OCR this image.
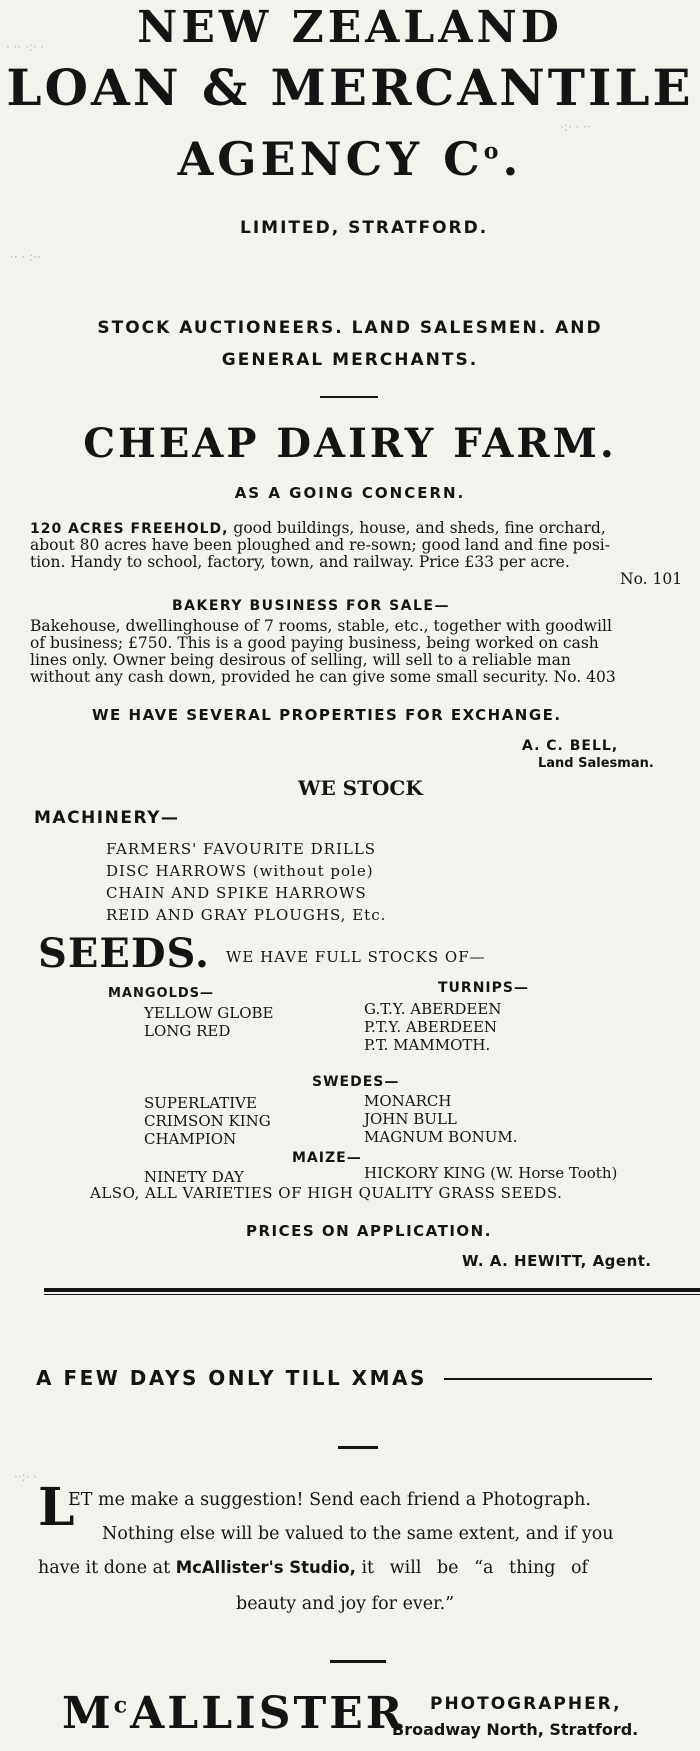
· ·· ·:· ·
·:· · ··
·· · :··
··:· ·
NEW ZEALAND
LOAN & MERCANTILE
AGENCY $C^o$.
LIMITED, STRATFORD.
STOCK AUCTIONEERS. LAND SALESMEN. AND
GENERAL MERCHANTS.
CHEAP DAIRY FARM.
AS A GOING CONCERN.
120 ACRES FREEHOLD, good buildings, house, and sheds, fine orchard,
about 80 acres have been ploughed and re-sown; good land and fine posi-
tion. Handy to school, factory, town, and railway. Price £33 per acre.
No. 101
BAKERY BUSINESS FOR SALE—
Bakehouse, dwellinghouse of 7 rooms, stable, etc., together with goodwill
of business; £750. This is a good paying business, being worked on cash
lines only. Owner being desirous of selling, will sell to a reliable man
without any cash down, provided he can give some small security. No. 403
WE HAVE SEVERAL PROPERTIES FOR EXCHANGE.
A. C. BELL,
Land Salesman.
WE STOCK
MACHINERY—
FARMERS' FAVOURITE DRILLS
DISC HARROWS (without pole)
CHAIN AND SPIKE HARROWS
REID AND GRAY PLOUGHS, Etc.
SEEDS. WE HAVE FULL STOCKS OF—
MANGOLDS—
YELLOW GLOBE
LONG RED
TURNIPS—
G.T.Y. ABERDEEN
P.T.Y. ABERDEEN
P.T. MAMMOTH.
SWEDES—
SUPERLATIVE
CRIMSON KING
CHAMPION
MONARCH
JOHN BULL
MAGNUM BONUM.
MAIZE—
NINETY DAY	HICKORY KING (W. Horse Tooth)
ALSO, ALL VARIETIES OF HIGH QUALITY GRASS SEEDS.
PRICES ON APPLICATION.
W. A. HEWITT, Agent.
A FEW DAYS ONLY TILL XMAS
L
ET me make a suggestion! Send each friend a Photograph.
Nothing else will be valued to the same extent, and if you
have it done at McAllister's Studio, it will be “a thing of
beauty and joy for ever.”
$M^cALLISTER$ PHOTOGRAPHER,
Broadway North, Stratford.
